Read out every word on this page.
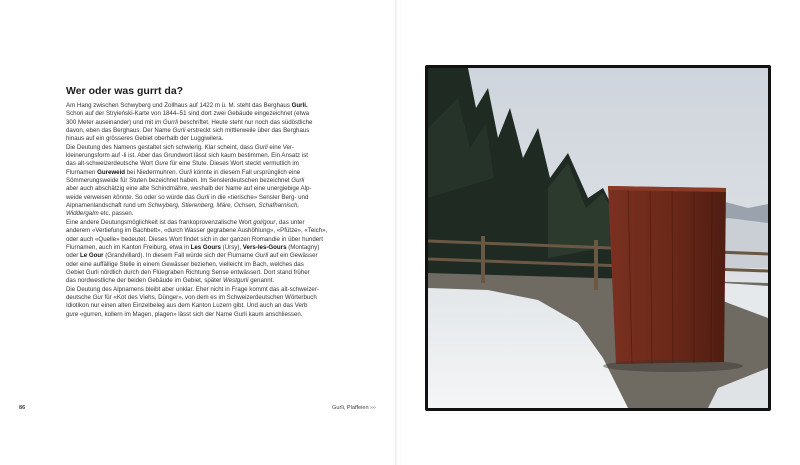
Wer oder was gurrt da?
Am Hang zwischen Schwyberg und Zollhaus auf 1422 m ü. M. steht das Berghaus Gurli.
Schon auf der Stryieński-Karte von 1844–51 sind dort zwei Gebäude eingezeichnet (etwa
300 Meter auseinander) und mit im Gurrli beschriftet. Heute steht nur noch das südöstliche
davon, eben das Berghaus. Der Name Gurli erstreckt sich mittlerweile über das Berghaus
hinaus auf ein grösseres Gebiet oberhalb der Luggiwilera.
Die Deutung des Namens gestaltet sich schwierig. Klar scheint, dass Gurli eine Ver-
kleinerungsform auf -li ist. Aber das Grundwort lässt sich kaum bestimmen. Ein Ansatz ist
das alt-schweizerdeutsche Wort Gure für eine Stute. Dieses Wort steckt vermutlich im
Flurnamen Gureweid bei Niedermuhren. Gurli könnte in diesem Fall ursprünglich eine
Sömmerungsweide für Stuten bezeichnet haben. Im Senslerdeutschen bezeichnet Gurli
aber auch abschätzig eine alte Schindmähre, weshalb der Name auf eine unergiebige Alp-
weide verweisen könnte. So oder so würde das Gurli in die «tierische» Sensler Berg- und
Alpnamenlandschaft rund um Schwyberg, Stierenberg, Märe, Ochsen, Schafharnisch,
Widdergalm etc. passen.
Eine andere Deutungsmöglichkeit ist das frankoprovenzalische Wort gol/gour, das unter
anderem «Vertiefung im Bachbett», «durch Wasser gegrabene Aushöhlung», «Pfütze», «Teich»,
oder auch «Quelle» bedeutet. Dieses Wort findet sich in der ganzen Romandie in über hundert
Flurnamen, auch im Kanton Freiburg, etwa in Les Gours (Ursy), Vers-les-Gours (Montagny)
oder Le Gour (Grandvillard). In diesem Fall würde sich der Flurname Gurli auf ein Gewässer
oder eine auffällige Stelle in einem Gewässer beziehen, vielleicht im Bach, welches das
Gebiet Gurli nördlich durch den Flüegraben Richtung Sense entwässert. Dort stand früher
das nordwestliche der beiden Gebäude im Gebiet, später Westgurli genannt.
Die Deutung des Alpnamens bleibt aber unklar. Eher nicht in Frage kommt das alt-schweizer-
deutsche Gur für «Kot des Viehs, Dünger», von dem es im Schweizerdeutschen Wörterbuch
Idiotikon nur einen alten Einzelbeleg aus dem Kanton Luzern gibt. Und auch an das Verb
gure «gurren, kollern im Magen, plagen» lässt sich der Name Gurli kaum anschliessen.
86	Gurli, Plaffeien ›››
